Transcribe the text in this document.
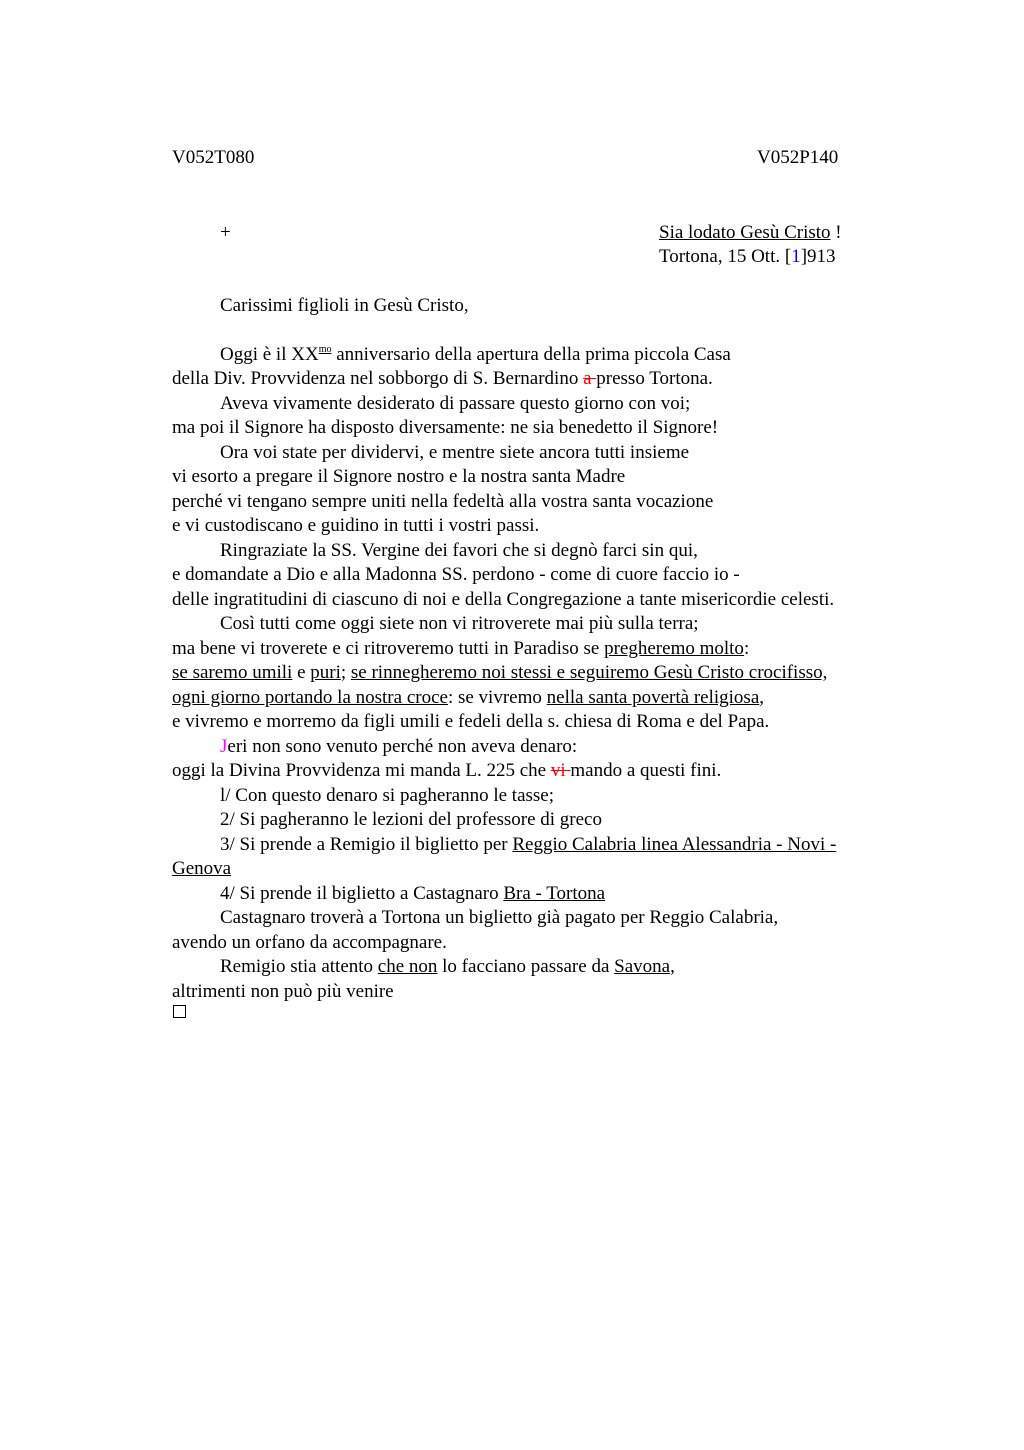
V052T080	V052P140
+	Sia lodato Gesù Cristo !
Tortona, 15 Ott. [1]913
Carissimi figlioli in Gesù Cristo,
Oggi è il $XX^{mo}$ anniversario della apertura della prima piccola Casa
della Div. Provvidenza nel sobborgo di S. Bernardino a presso Tortona.
Aveva vivamente desiderato di passare questo giorno con voi;
ma poi il Signore ha disposto diversamente: ne sia benedetto il Signore!
Ora voi state per dividervi, e mentre siete ancora tutti insieme
vi esorto a pregare il Signore nostro e la nostra santa Madre
perché vi tengano sempre uniti nella fedeltà alla vostra santa vocazione
e vi custodiscano e guidino in tutti i vostri passi.
Ringraziate la SS. Vergine dei favori che si degnò farci sin qui,
e domandate a Dio e alla Madonna SS. perdono - come di cuore faccio io -
delle ingratitudini di ciascuno di noi e della Congregazione a tante misericordie celesti.
Così tutti come oggi siete non vi ritroverete mai più sulla terra;
ma bene vi troverete e ci ritroveremo tutti in Paradiso se pregheremo molto:
se saremo umili e puri; se rinnegheremo noi stessi e seguiremo Gesù Cristo crocifisso,
ogni giorno portando la nostra croce: se vivremo nella santa povertà religiosa,
e vivremo e morremo da figli umili e fedeli della s. chiesa di Roma e del Papa.
Jeri non sono venuto perché non aveva denaro:
oggi la Divina Provvidenza mi manda L. 225 che vi mando a questi fini.
l/ Con questo denaro si pagheranno le tasse;
2/ Si pagheranno le lezioni del professore di greco
3/ Si prende a Remigio il biglietto per Reggio Calabria linea Alessandria - Novi -
Genova
4/ Si prende il biglietto a Castagnaro Bra - Tortona
Castagnaro troverà a Tortona un biglietto già pagato per Reggio Calabria,
avendo un orfano da accompagnare.
Remigio stia attento che non lo facciano passare da Savona,
altrimenti non può più venire
